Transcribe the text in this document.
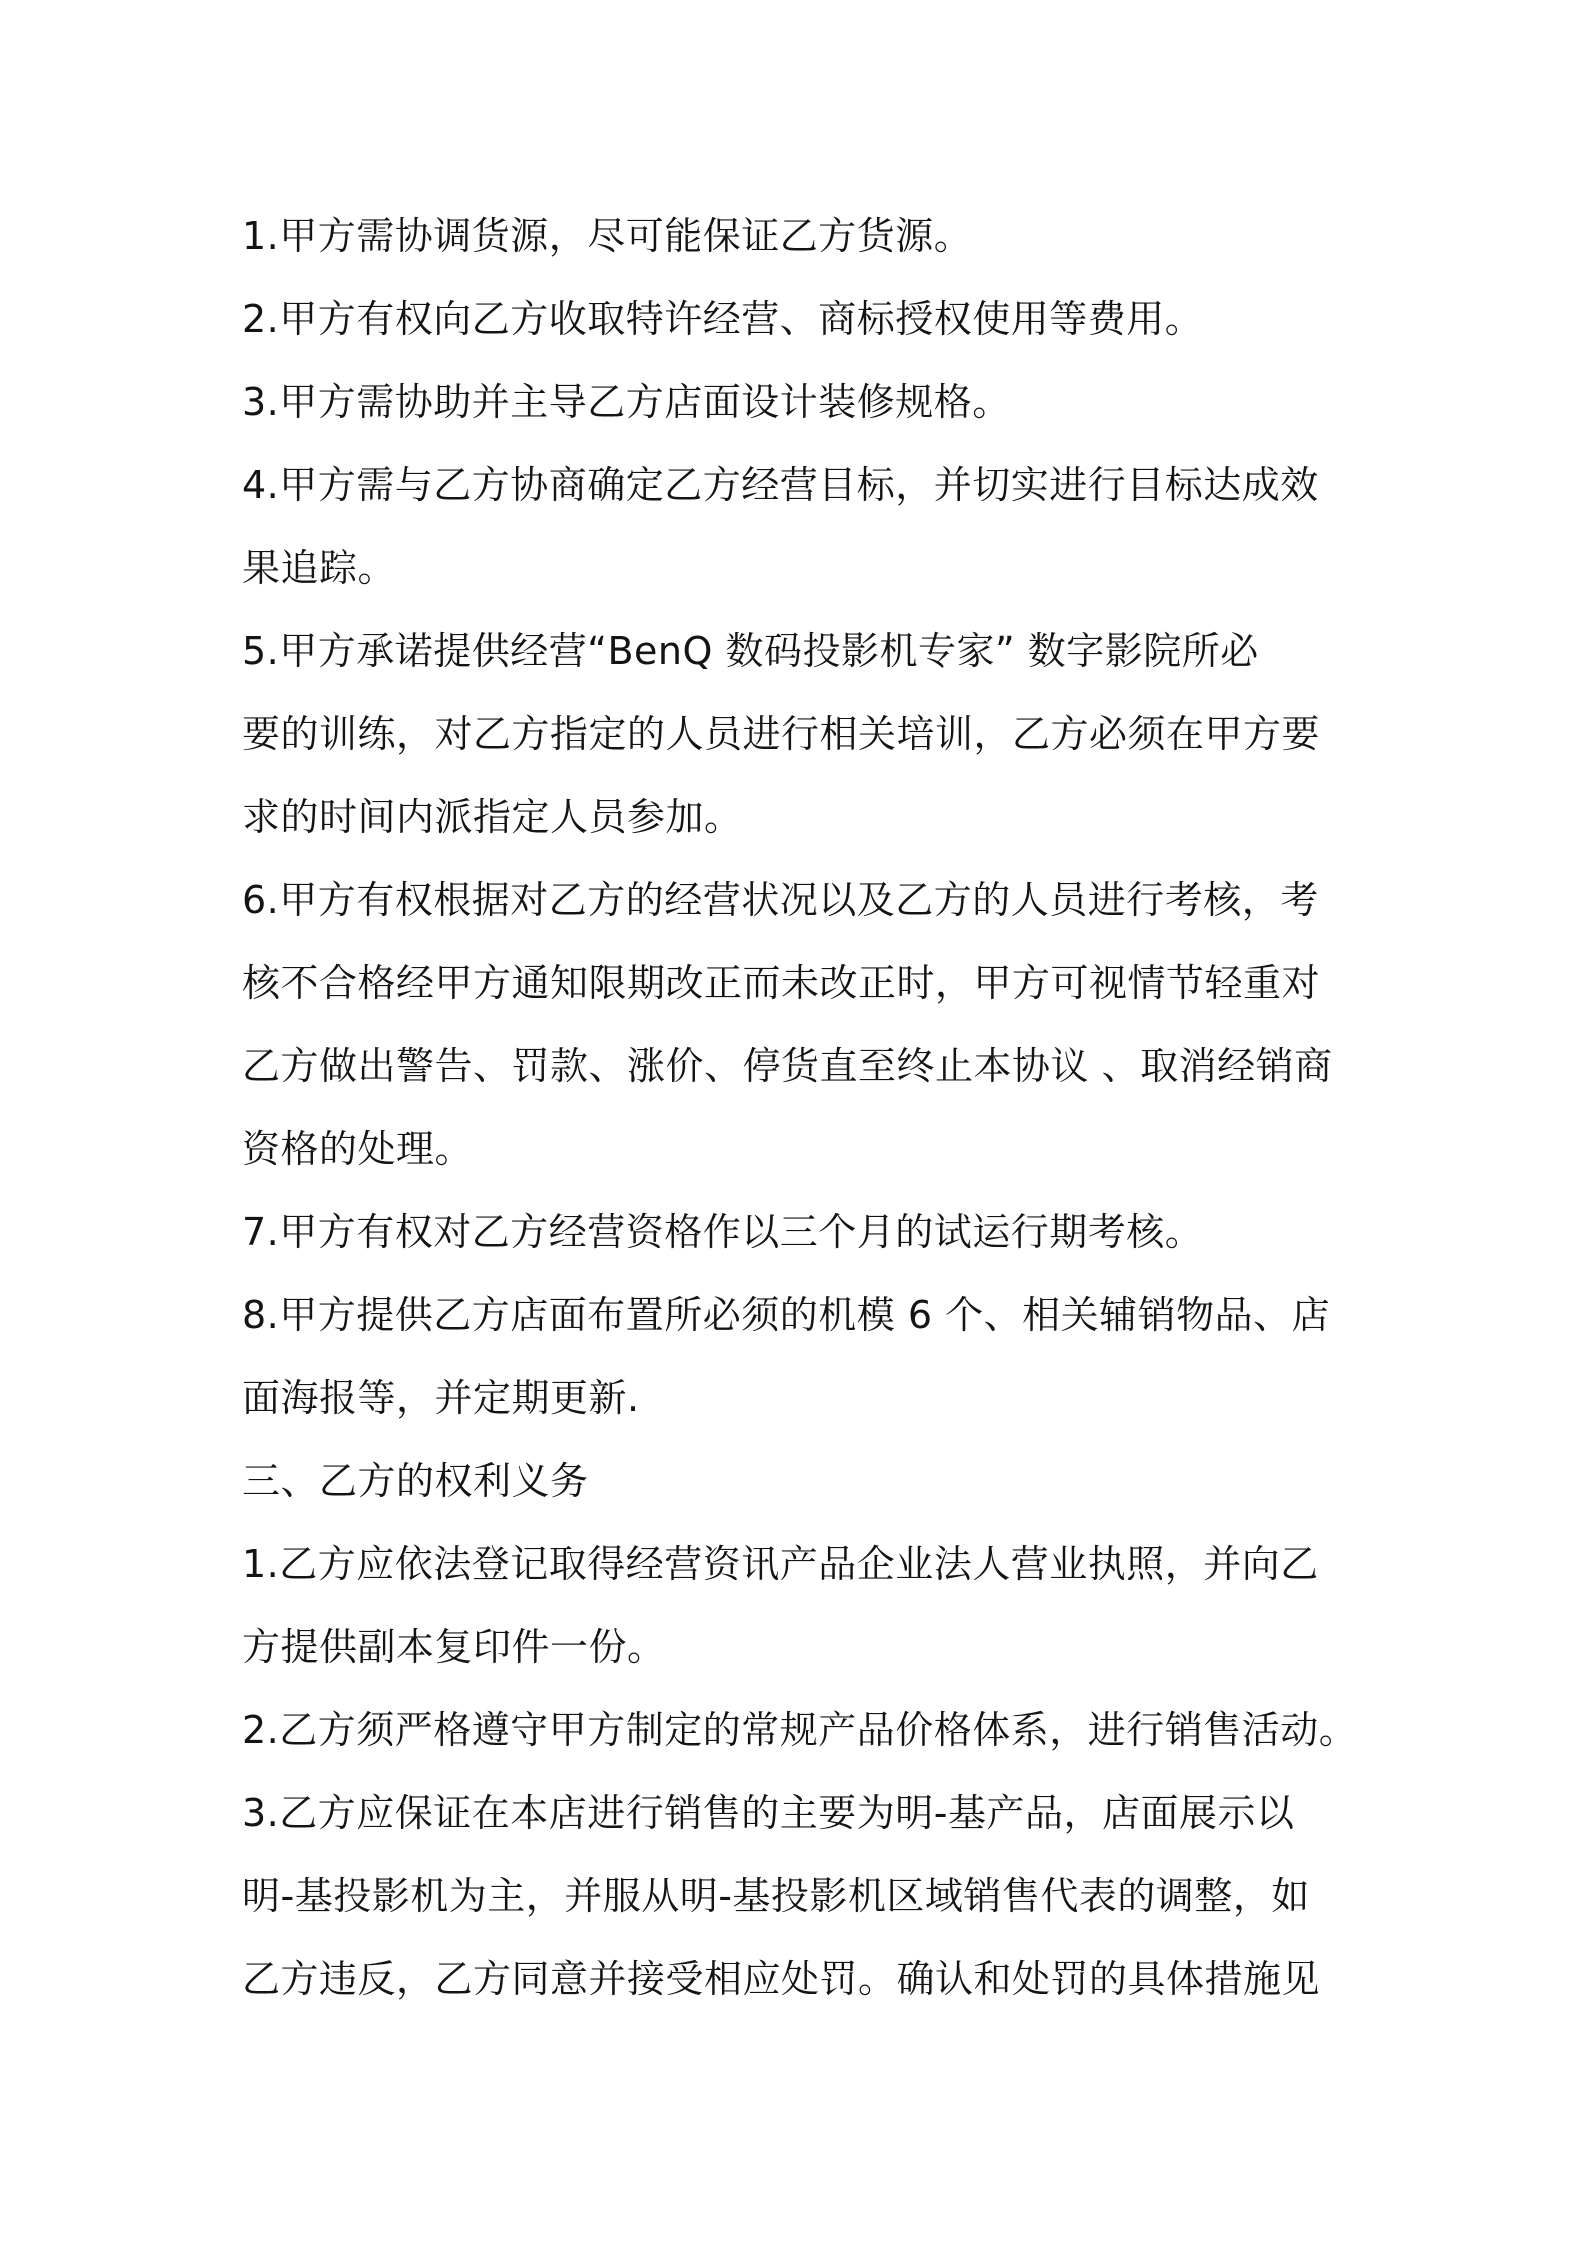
1.甲方需协调货源，尽可能保证乙方货源。
2.甲方有权向乙方收取特许经营、商标授权使用等费用。
3.甲方需协助并主导乙方店面设计装修规格。
4.甲方需与乙方协商确定乙方经营目标，并切实进行目标达成效
果追踪。
5.甲方承诺提供经营“BenQ 数码投影机专家” 数字影院所必
要的训练，对乙方指定的人员进行相关培训，乙方必须在甲方要
求的时间内派指定人员参加。
6.甲方有权根据对乙方的经营状况以及乙方的人员进行考核，考
核不合格经甲方通知限期改正而未改正时，甲方可视情节轻重对
乙方做出警告、罚款、涨价、停货直至终止本协议 、取消经销商
资格的处理。
7.甲方有权对乙方经营资格作以三个月的试运行期考核。
8.甲方提供乙方店面布置所必须的机模 6 个、相关辅销物品、店
面海报等，并定期更新.
三、乙方的权利义务
1.乙方应依法登记取得经营资讯产品企业法人营业执照，并向乙
方提供副本复印件一份。
2.乙方须严格遵守甲方制定的常规产品价格体系，进行销售活动。
3.乙方应保证在本店进行销售的主要为明-基产品，店面展示以
明-基投影机为主，并服从明-基投影机区域销售代表的调整，如
乙方违反，乙方同意并接受相应处罚。确认和处罚的具体措施见
